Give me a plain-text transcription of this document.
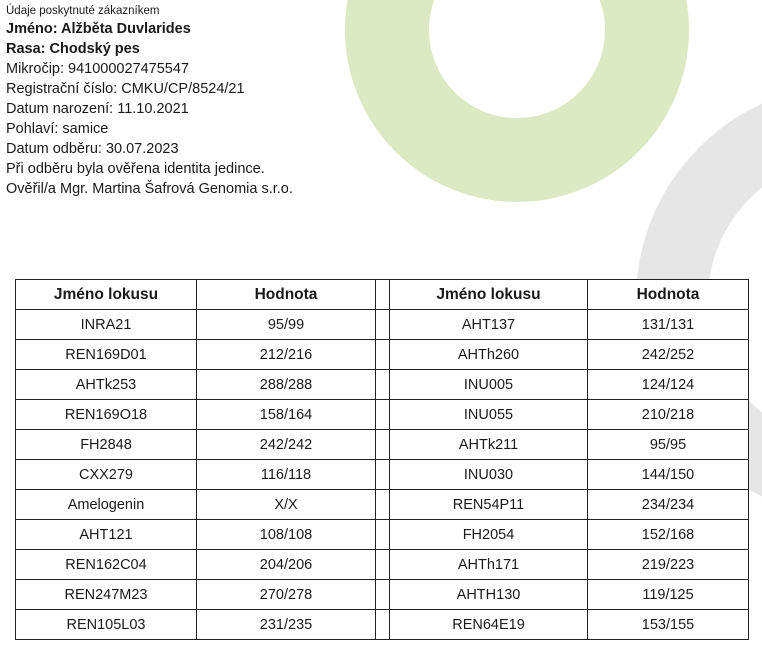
Údaje poskytnuté zákazníkem
Jméno: Alžběta Duvlarides
Rasa: Chodský pes
Mikročip: 941000027475547
Registrační číslo: CMKU/CP/8524/21
Datum narození: 11.10.2021
Pohlaví: samice
Datum odběru: 30.07.2023
Při odběru byla ověřena identita jedince.
Ověřil/a Mgr. Martina Šafrová Genomia s.r.o.
Jméno lokusu	Hodnota		Jméno lokusu	Hodnota
INRA21	95/99		AHT137	131/131
REN169D01	212/216		AHTh260	242/252
AHTk253	288/288		INU005	124/124
REN169O18	158/164		INU055	210/218
FH2848	242/242		AHTk211	95/95
CXX279	116/118		INU030	144/150
Amelogenin	X/X		REN54P11	234/234
AHT121	108/108		FH2054	152/168
REN162C04	204/206		AHTh171	219/223
REN247M23	270/278		AHTH130	119/125
REN105L03	231/235		REN64E19	153/155
